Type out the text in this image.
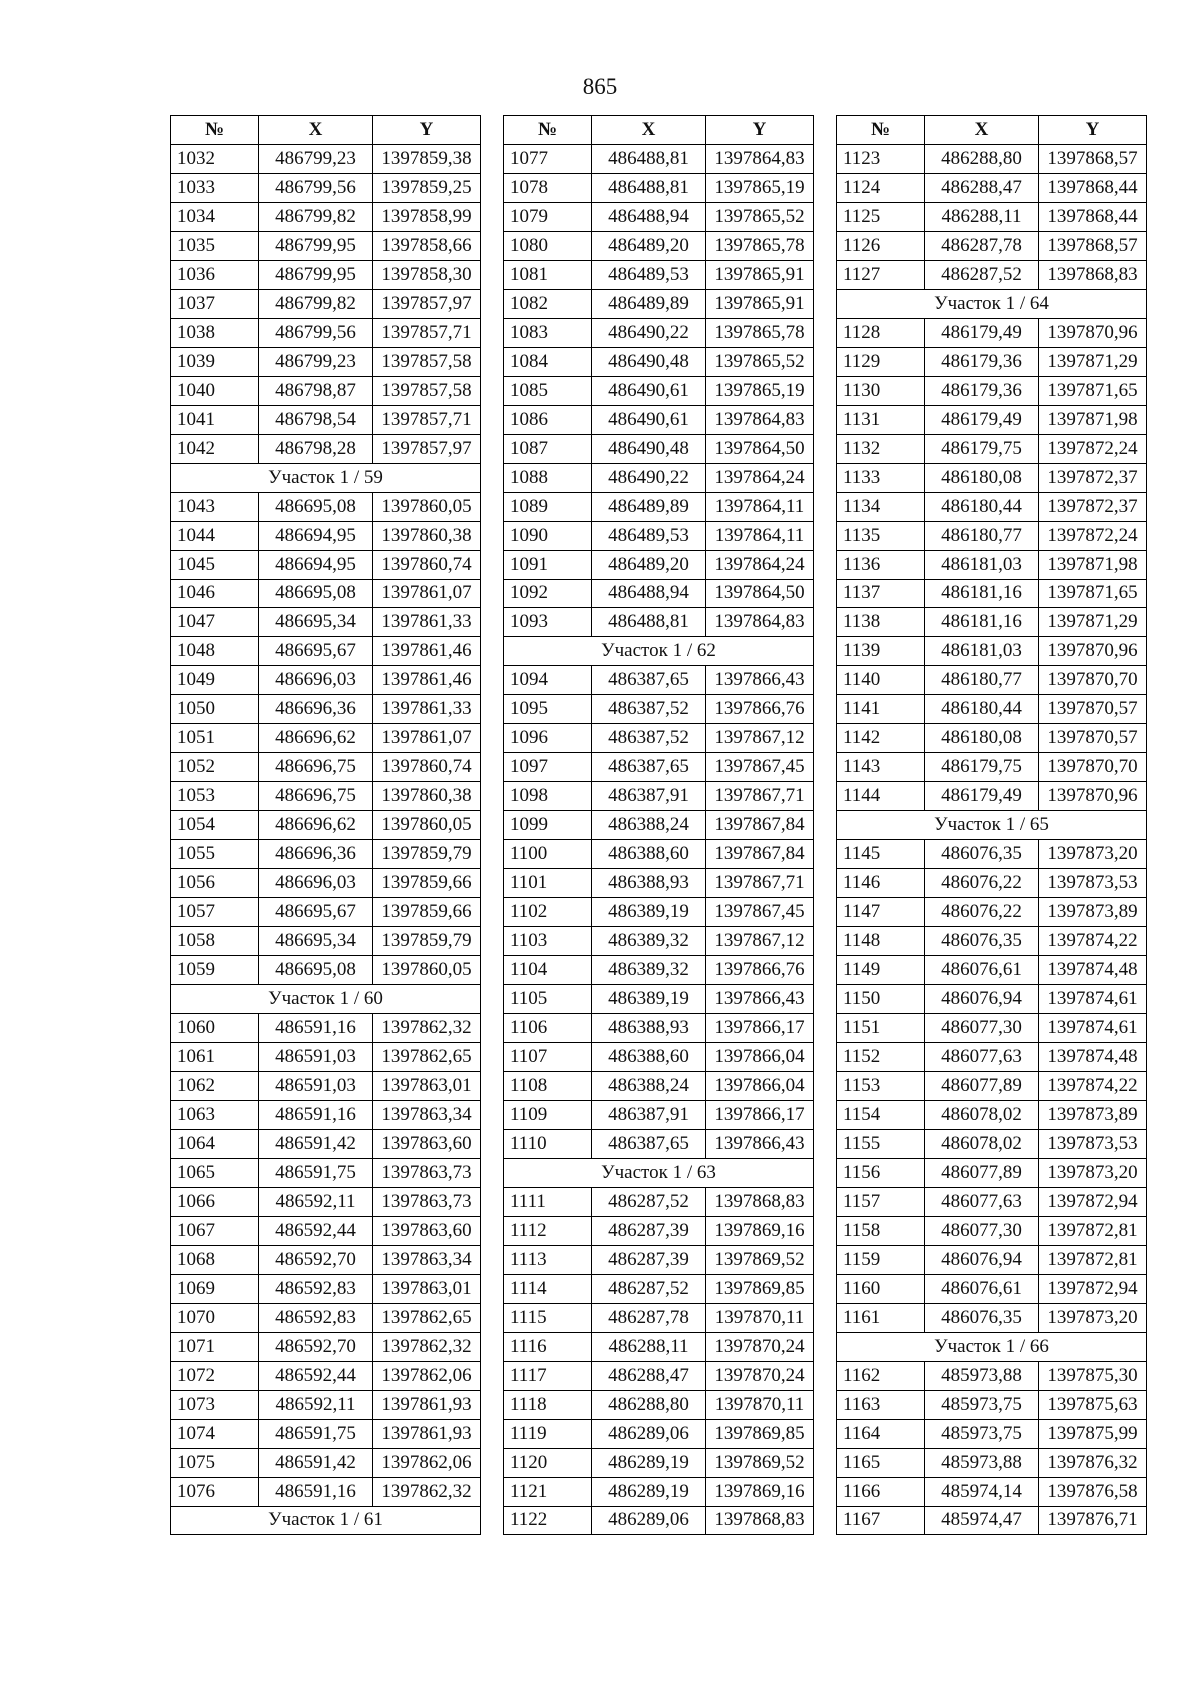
865
№	X	Y
1032	486799,23	1397859,38
1033	486799,56	1397859,25
1034	486799,82	1397858,99
1035	486799,95	1397858,66
1036	486799,95	1397858,30
1037	486799,82	1397857,97
1038	486799,56	1397857,71
1039	486799,23	1397857,58
1040	486798,87	1397857,58
1041	486798,54	1397857,71
1042	486798,28	1397857,97
Участок 1 / 59		
1043	486695,08	1397860,05
1044	486694,95	1397860,38
1045	486694,95	1397860,74
1046	486695,08	1397861,07
1047	486695,34	1397861,33
1048	486695,67	1397861,46
1049	486696,03	1397861,46
1050	486696,36	1397861,33
1051	486696,62	1397861,07
1052	486696,75	1397860,74
1053	486696,75	1397860,38
1054	486696,62	1397860,05
1055	486696,36	1397859,79
1056	486696,03	1397859,66
1057	486695,67	1397859,66
1058	486695,34	1397859,79
1059	486695,08	1397860,05
Участок 1 / 60		
1060	486591,16	1397862,32
1061	486591,03	1397862,65
1062	486591,03	1397863,01
1063	486591,16	1397863,34
1064	486591,42	1397863,60
1065	486591,75	1397863,73
1066	486592,11	1397863,73
1067	486592,44	1397863,60
1068	486592,70	1397863,34
1069	486592,83	1397863,01
1070	486592,83	1397862,65
1071	486592,70	1397862,32
1072	486592,44	1397862,06
1073	486592,11	1397861,93
1074	486591,75	1397861,93
1075	486591,42	1397862,06
1076	486591,16	1397862,32
Участок 1 / 61		
№	X	Y
1077	486488,81	1397864,83
1078	486488,81	1397865,19
1079	486488,94	1397865,52
1080	486489,20	1397865,78
1081	486489,53	1397865,91
1082	486489,89	1397865,91
1083	486490,22	1397865,78
1084	486490,48	1397865,52
1085	486490,61	1397865,19
1086	486490,61	1397864,83
1087	486490,48	1397864,50
1088	486490,22	1397864,24
1089	486489,89	1397864,11
1090	486489,53	1397864,11
1091	486489,20	1397864,24
1092	486488,94	1397864,50
1093	486488,81	1397864,83
Участок 1 / 62		
1094	486387,65	1397866,43
1095	486387,52	1397866,76
1096	486387,52	1397867,12
1097	486387,65	1397867,45
1098	486387,91	1397867,71
1099	486388,24	1397867,84
1100	486388,60	1397867,84
1101	486388,93	1397867,71
1102	486389,19	1397867,45
1103	486389,32	1397867,12
1104	486389,32	1397866,76
1105	486389,19	1397866,43
1106	486388,93	1397866,17
1107	486388,60	1397866,04
1108	486388,24	1397866,04
1109	486387,91	1397866,17
1110	486387,65	1397866,43
Участок 1 / 63		
1111	486287,52	1397868,83
1112	486287,39	1397869,16
1113	486287,39	1397869,52
1114	486287,52	1397869,85
1115	486287,78	1397870,11
1116	486288,11	1397870,24
1117	486288,47	1397870,24
1118	486288,80	1397870,11
1119	486289,06	1397869,85
1120	486289,19	1397869,52
1121	486289,19	1397869,16
1122	486289,06	1397868,83
№	X	Y
1123	486288,80	1397868,57
1124	486288,47	1397868,44
1125	486288,11	1397868,44
1126	486287,78	1397868,57
1127	486287,52	1397868,83
Участок 1 / 64		
1128	486179,49	1397870,96
1129	486179,36	1397871,29
1130	486179,36	1397871,65
1131	486179,49	1397871,98
1132	486179,75	1397872,24
1133	486180,08	1397872,37
1134	486180,44	1397872,37
1135	486180,77	1397872,24
1136	486181,03	1397871,98
1137	486181,16	1397871,65
1138	486181,16	1397871,29
1139	486181,03	1397870,96
1140	486180,77	1397870,70
1141	486180,44	1397870,57
1142	486180,08	1397870,57
1143	486179,75	1397870,70
1144	486179,49	1397870,96
Участок 1 / 65		
1145	486076,35	1397873,20
1146	486076,22	1397873,53
1147	486076,22	1397873,89
1148	486076,35	1397874,22
1149	486076,61	1397874,48
1150	486076,94	1397874,61
1151	486077,30	1397874,61
1152	486077,63	1397874,48
1153	486077,89	1397874,22
1154	486078,02	1397873,89
1155	486078,02	1397873,53
1156	486077,89	1397873,20
1157	486077,63	1397872,94
1158	486077,30	1397872,81
1159	486076,94	1397872,81
1160	486076,61	1397872,94
1161	486076,35	1397873,20
Участок 1 / 66		
1162	485973,88	1397875,30
1163	485973,75	1397875,63
1164	485973,75	1397875,99
1165	485973,88	1397876,32
1166	485974,14	1397876,58
1167	485974,47	1397876,71
